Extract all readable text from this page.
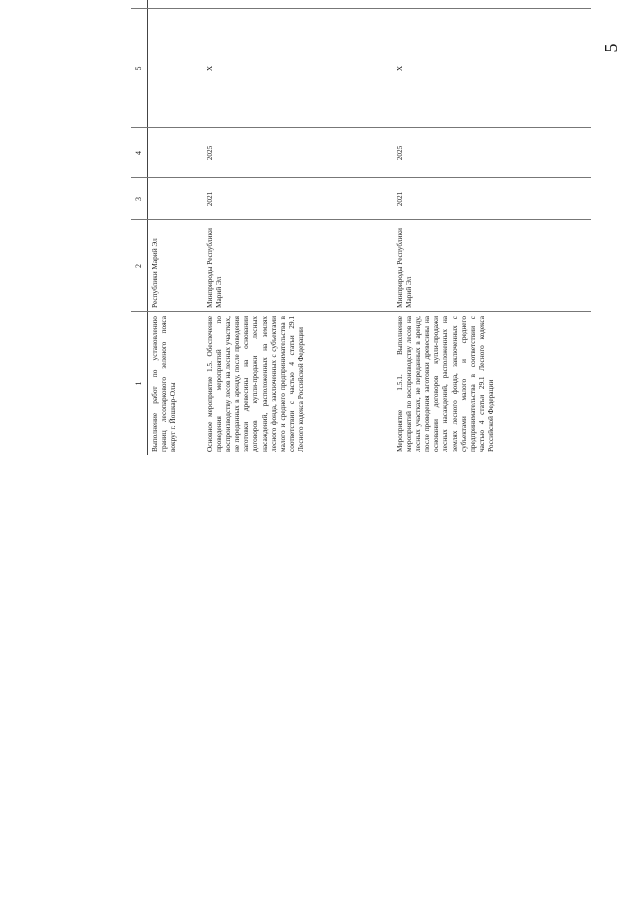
5
1
2
3
4
5
Выполнение работ по установлению границ лесопаркового зеленого пояса вокруг г. Йошкар-Олы
Республики Марий Эл
Основное мероприятие 1.5. Обеспечение проведения мероприятий по воспроизводству лесов на лесных участках, не переданных в аренду, после проведения заготовки древесины на основании договоров купли-продажи лесных насаждений, расположенных на землях лесного фонда, заключенных с субъектами малого и среднего предпринимательства в соответствии с частью 4 статьи 29.1 Лесного кодекса Российской Федерации
Минприроды Республики Марий Эл
2021
2025
X
Мероприятие 1.5.1. Выполнение мероприятий по воспроизводству лесов на лесных участках, не переданных в аренду, после проведения заготовки древесины на основании договоров купли-продажи лесных насаждений, расположенных на землях лесного фонда, заключенных с субъектами малого и среднего предпринимательства в соответствии с частью 4 статьи 29.1 Лесного кодекса Российской Федерации
Минприроды Республики Марий Эл
2021
2025
X
